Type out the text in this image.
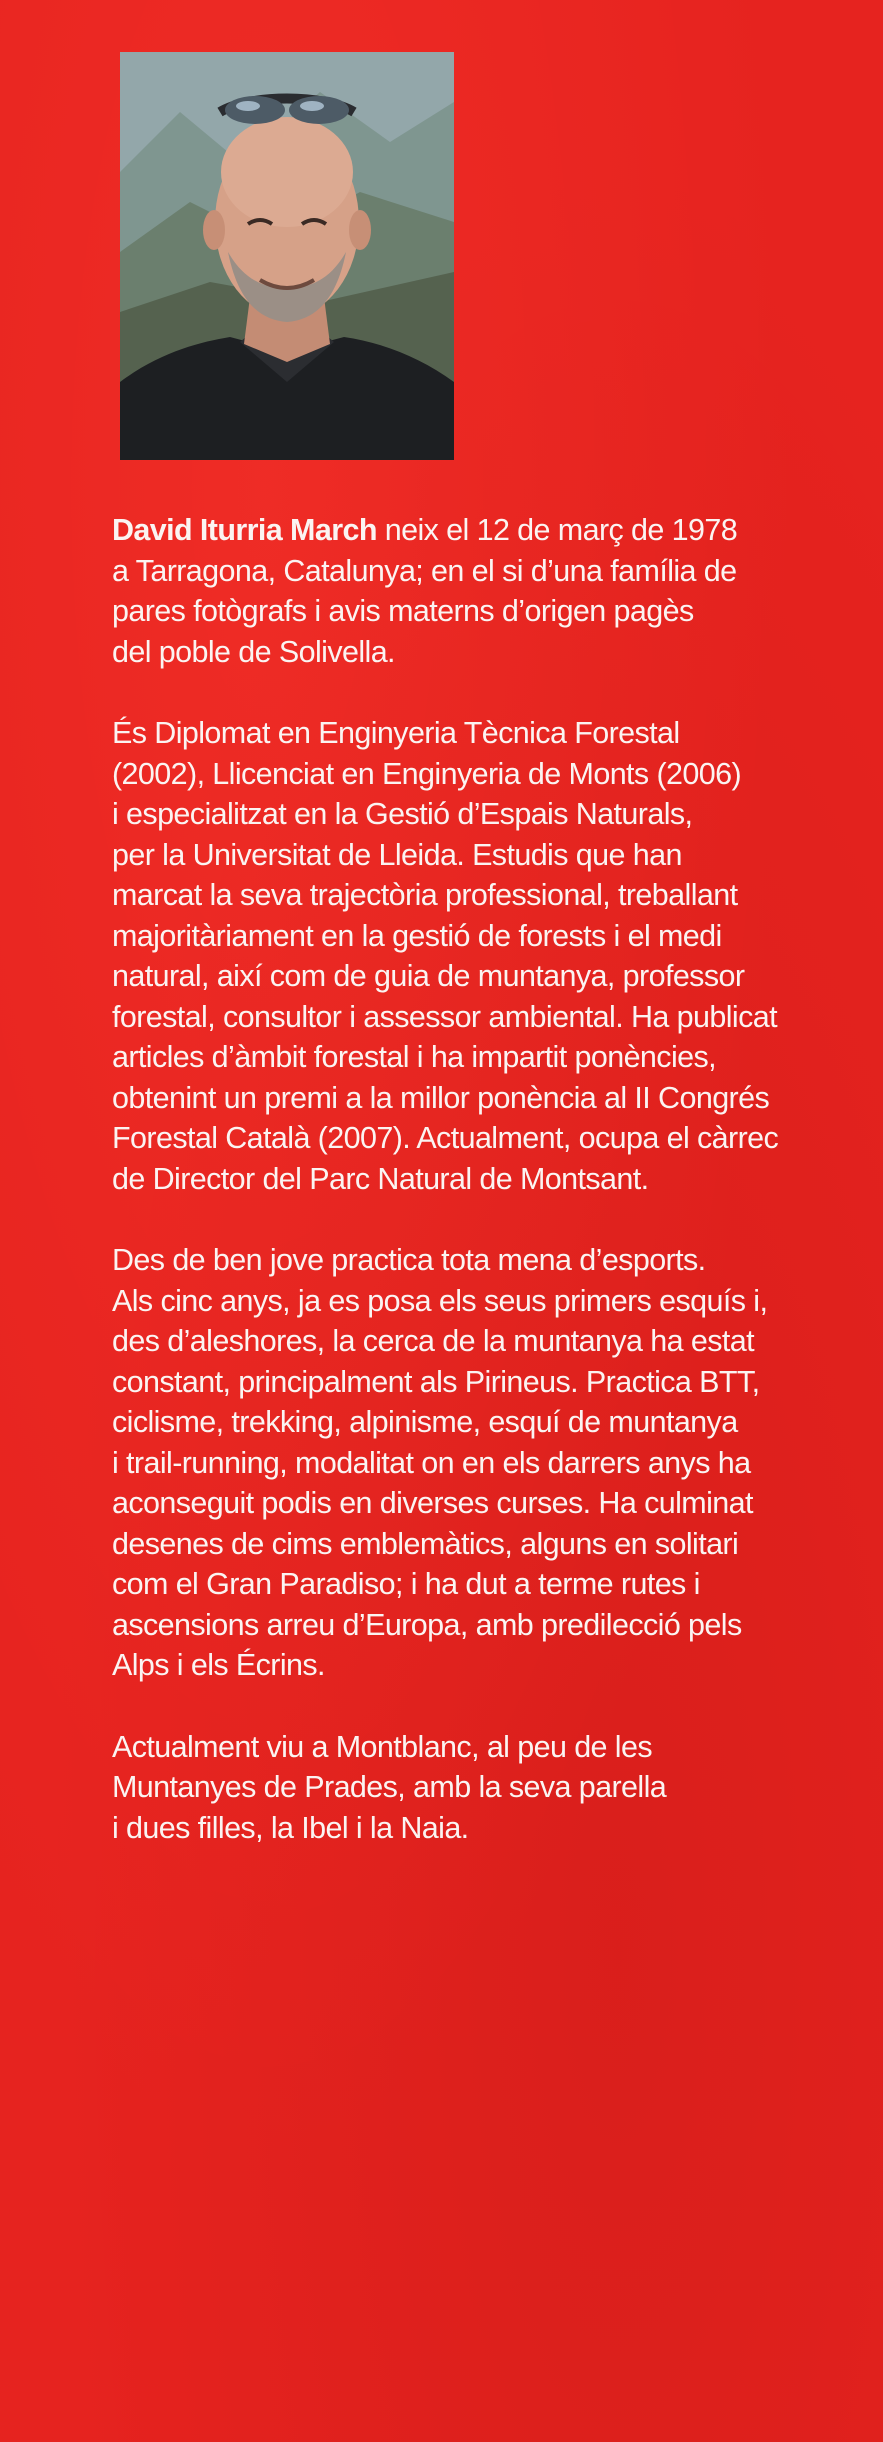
David Iturria March neix el 12 de març de 1978
a Tarragona, Catalunya; en el si d’una família de
pares fotògrafs i avis materns d’origen pagès
del poble de Solivella.

És Diplomat en Enginyeria Tècnica Forestal
(2002), Llicenciat en Enginyeria de Monts (2006)
i especialitzat en la Gestió d’Espais Naturals,
per la Universitat de Lleida. Estudis que han
marcat la seva trajectòria professional, treballant
majoritàriament en la gestió de forests i el medi
natural, així com de guia de muntanya, professor
forestal, consultor i assessor ambiental. Ha publicat
articles d’àmbit forestal i ha impartit ponències,
obtenint un premi a la millor ponència al II Congrés
Forestal Català (2007). Actualment, ocupa el càrrec
de Director del Parc Natural de Montsant.

Des de ben jove practica tota mena d’esports.
Als cinc anys, ja es posa els seus primers esquís i,
des d’aleshores, la cerca de la muntanya ha estat
constant, principalment als Pirineus. Practica BTT,
ciclisme, trekking, alpinisme, esquí de muntanya
i trail-running, modalitat on en els darrers anys ha
aconseguit podis en diverses curses. Ha culminat
desenes de cims emblemàtics, alguns en solitari
com el Gran Paradiso; i ha dut a terme rutes i
ascensions arreu d’Europa, amb predilecció pels
Alps i els Écrins.

Actualment viu a Montblanc, al peu de les
Muntanyes de Prades, amb la seva parella
i dues filles, la Ibel i la Naia.
